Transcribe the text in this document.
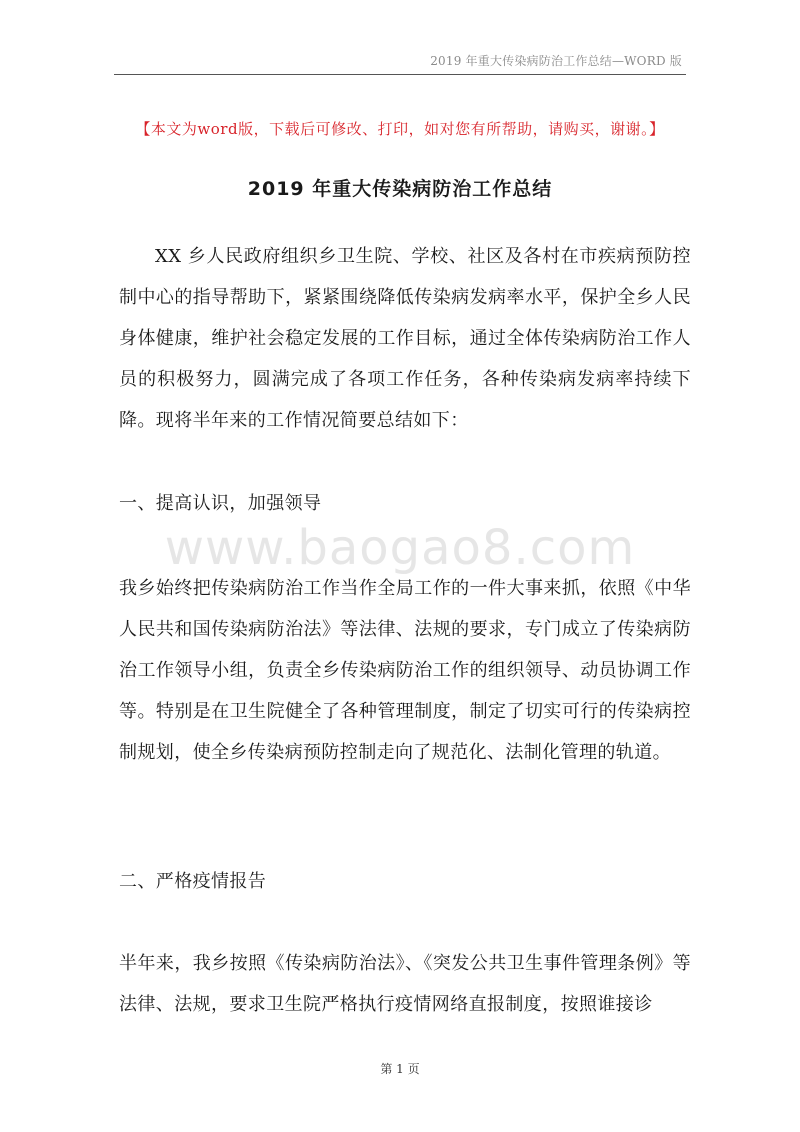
2019 年重大传染病防治工作总结—WORD 版
【本文为word版，下载后可修改、打印，如对您有所帮助，请购买，谢谢。】
2019 年重大传染病防治工作总结

XX 乡人民政府组织乡卫生院、学校、社区及各村在市疾病预防控制中心的指导帮助下，紧紧围绕降低传染病发病率水平，保护全乡人民身体健康，维护社会稳定发展的工作目标，通过全体传染病防治工作人员的积极努力，圆满完成了各项工作任务，各种传染病发病率持续下降。现将半年来的工作情况简要总结如下：

一、提高认识，加强领导
www.baogao8.com

我乡始终把传染病防治工作当作全局工作的一件大事来抓，依照《中华人民共和国传染病防治法》等法律、法规的要求，专门成立了传染病防治工作领导小组，负责全乡传染病防治工作的组织领导、动员协调工作等。特别是在卫生院健全了各种管理制度，制定了切实可行的传染病控制规划，使全乡传染病预防控制走向了规范化、法制化管理的轨道。

二、严格疫情报告

半年来，我乡按照《传染病防治法》、《突发公共卫生事件管理条例》等法律、法规，要求卫生院严格执行疫情网络直报制度，按照谁接诊

第 1 页
